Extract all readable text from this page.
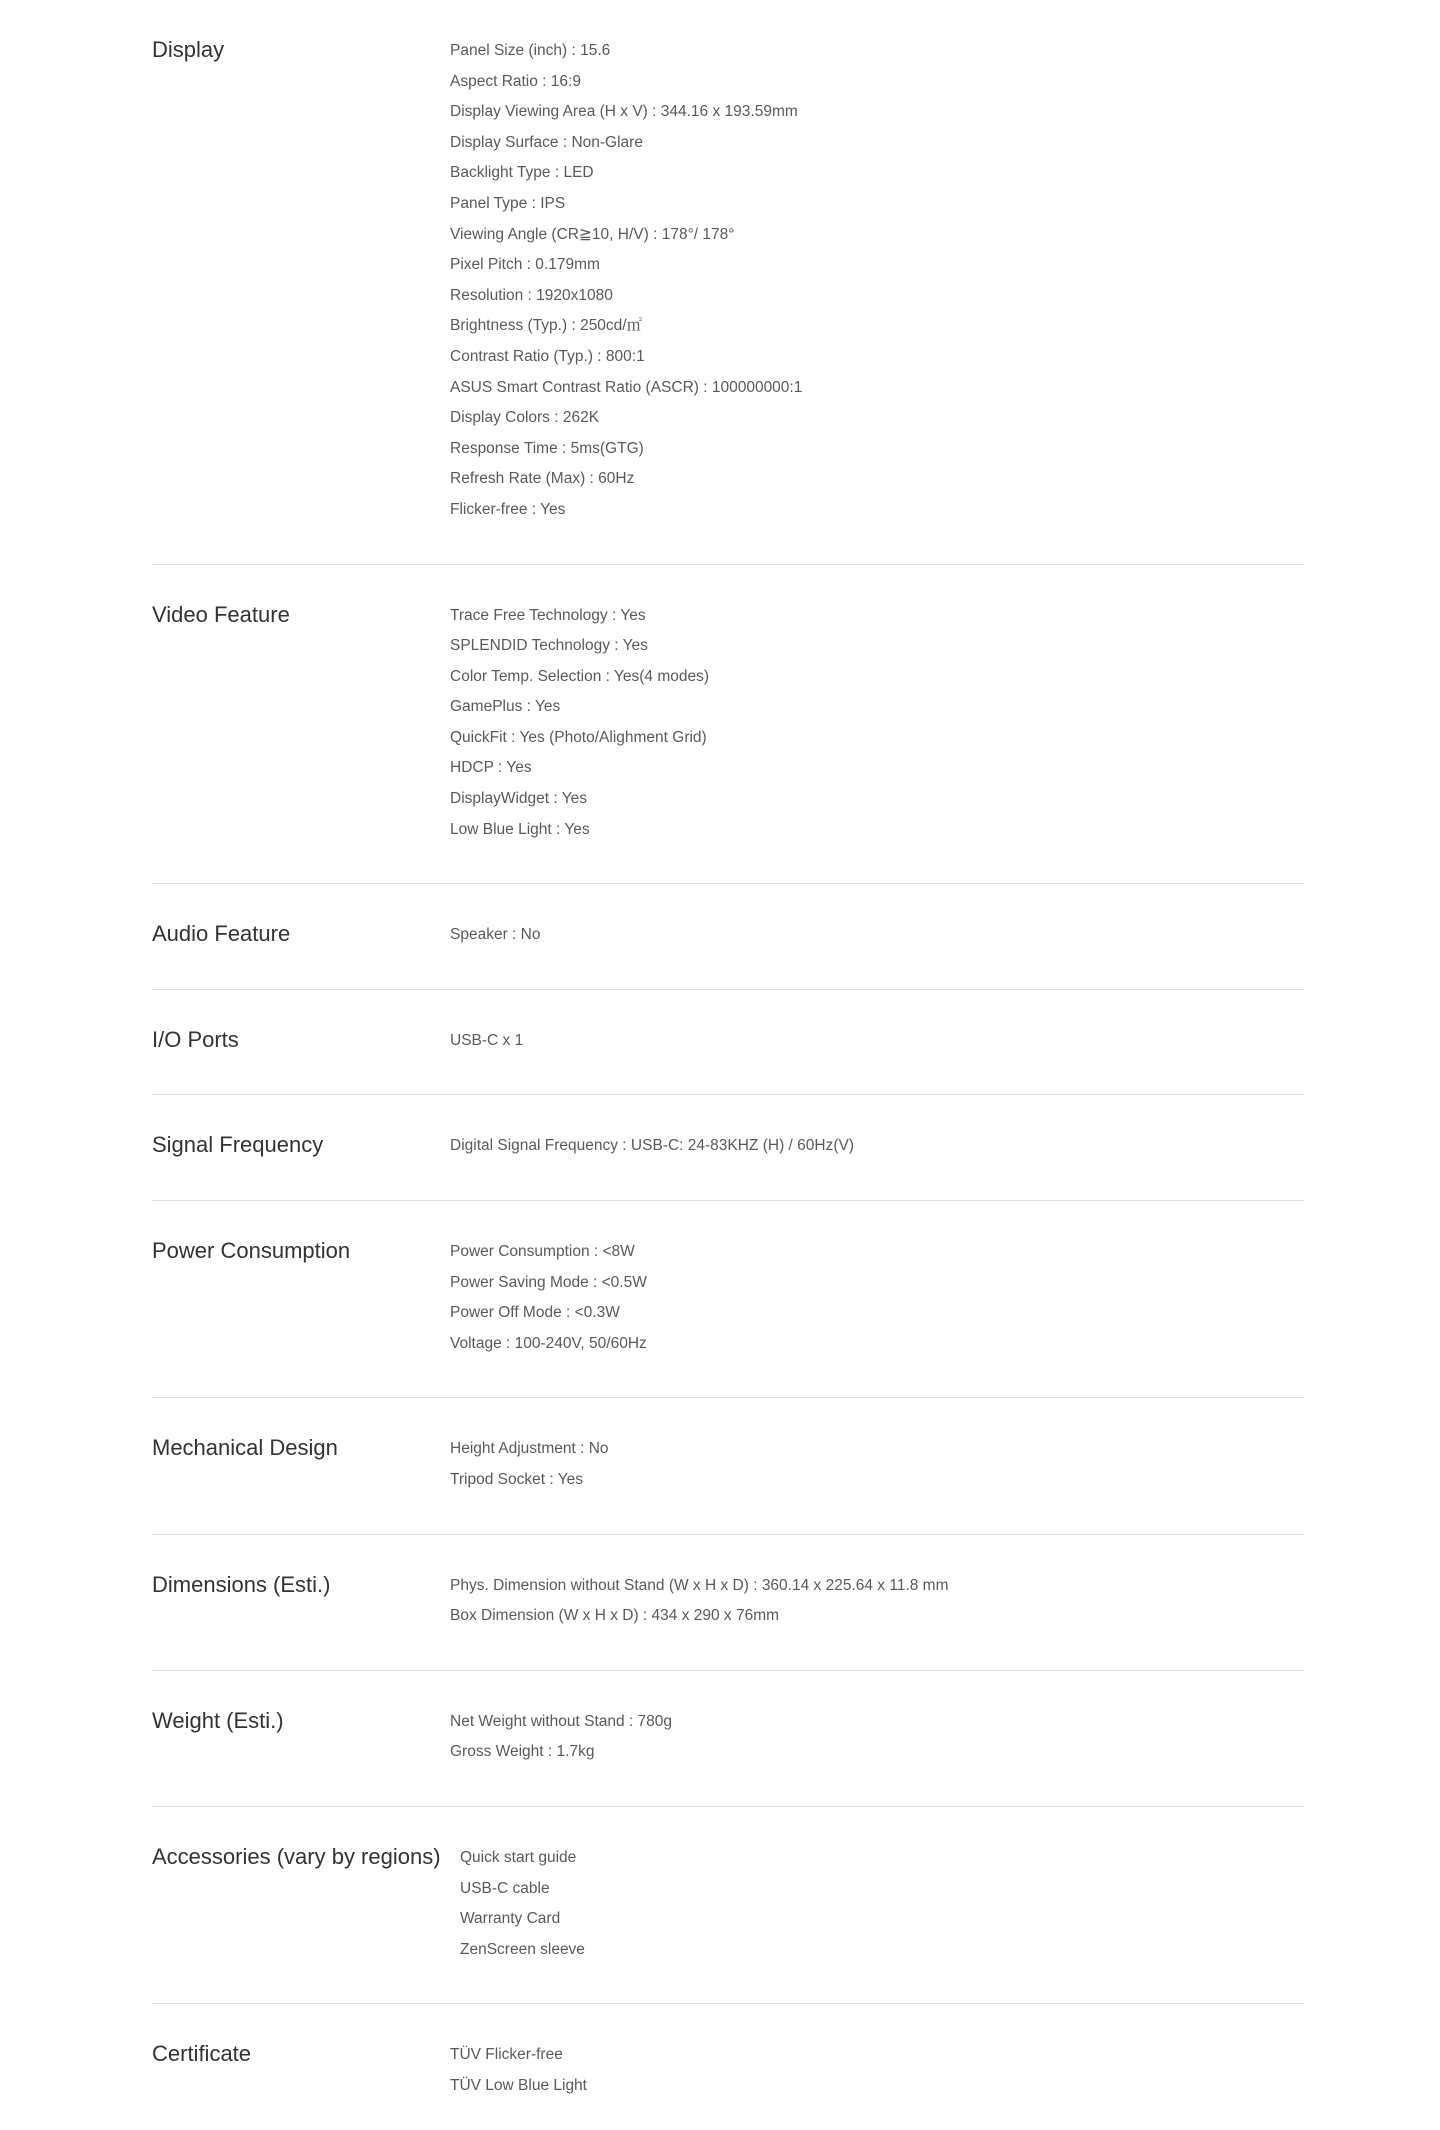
Display	Panel Size (inch) : 15.6
Aspect Ratio : 16:9
Display Viewing Area (H x V) : 344.16 x 193.59mm
Display Surface : Non-Glare
Backlight Type : LED
Panel Type : IPS
Viewing Angle (CR≧10, H/V) : 178°/ 178°
Pixel Pitch : 0.179mm
Resolution : 1920x1080
Brightness (Typ.) : 250cd/㎡
Contrast Ratio (Typ.) : 800:1
ASUS Smart Contrast Ratio (ASCR) : 100000000:1
Display Colors : 262K
Response Time : 5ms(GTG)
Refresh Rate (Max) : 60Hz
Flicker-free : Yes
Video Feature	Trace Free Technology : Yes
SPLENDID Technology : Yes
Color Temp. Selection : Yes(4 modes)
GamePlus : Yes
QuickFit : Yes (Photo/Alighment Grid)
HDCP : Yes
DisplayWidget : Yes
Low Blue Light : Yes
Audio Feature	Speaker : No
I/O Ports	USB-C x 1
Signal Frequency	Digital Signal Frequency : USB-C: 24-83KHZ (H) / 60Hz(V)
Power Consumption	Power Consumption : <8W
Power Saving Mode : <0.5W
Power Off Mode : <0.3W
Voltage : 100-240V, 50/60Hz
Mechanical Design	Height Adjustment : No
Tripod Socket : Yes
Dimensions (Esti.)	Phys. Dimension without Stand (W x H x D) : 360.14 x 225.64 x 11.8 mm
Box Dimension (W x H x D) : 434 x 290 x 76mm
Weight (Esti.)	Net Weight without Stand : 780g
Gross Weight : 1.7kg
Accessories (vary by regions)	Quick start guide
USB-C cable
Warranty Card
ZenScreen sleeve
Certificate	TÜV Flicker-free
TÜV Low Blue Light
